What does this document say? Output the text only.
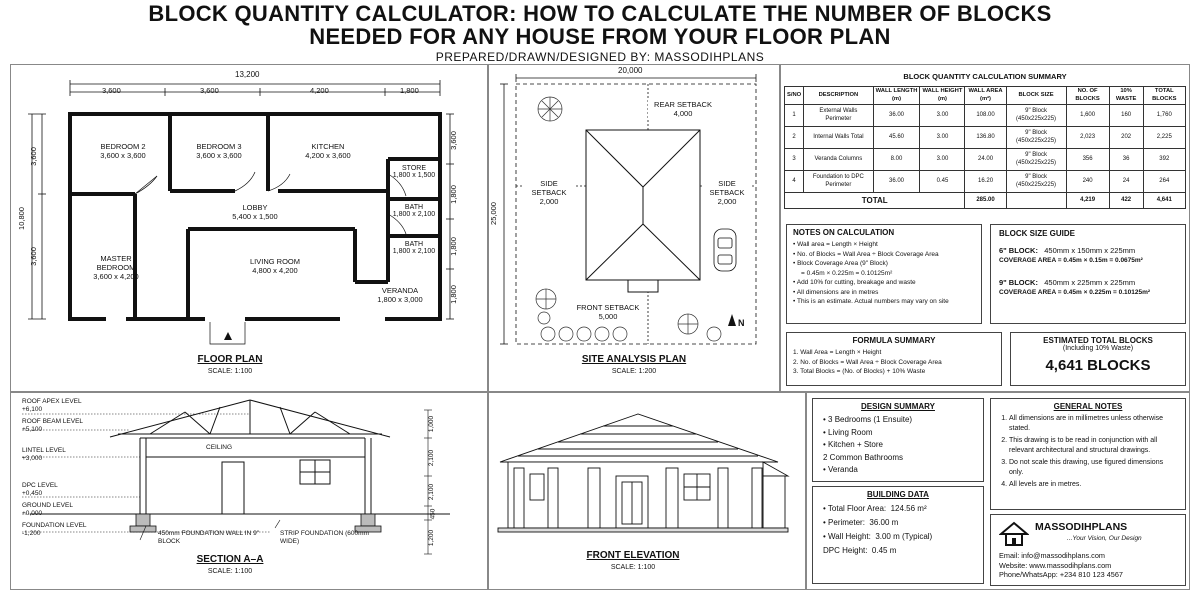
BLOCK QUANTITY CALCULATOR: HOW TO CALCULATE THE NUMBER OF BLOCKS
NEEDED FOR ANY HOUSE FROM YOUR FLOOR PLAN
PREPARED/DRAWN/DESIGNED BY: MASSODIHPLANS
13,200
3,600	3,600	4,200	1,800
10,800
3,600
3,600
3,600
1,800
1,800
1,800
BEDROOM 2
3,600 x 3,600
BEDROOM 3
3,600 x 3,600
KITCHEN
4,200 x 3,600
STORE
1,800 x 1,500
LOBBY
5,400 x 1,500
BATH
1,800 x 2,100
BATH
1,800 x 2,100
MASTER BEDROOM
3,600 x 4,200
LIVING ROOM
4,800 x 4,200
VERANDA
1,800 x 3,000
FLOOR PLAN
SCALE: 1:100
20,000
25,000
REAR SETBACK
4,000
SIDE SETBACK
2,000
SIDE SETBACK
2,000
FRONT SETBACK
5,000
N
SITE ANALYSIS PLAN
SCALE: 1:200
BLOCK QUANTITY CALCULATION SUMMARY
S/NO	DESCRIPTION	WALL LENGTH (m)	WALL HEIGHT (m)	WALL AREA (m²)	BLOCK SIZE	NO. OF BLOCKS	10% WASTE	TOTAL BLOCKS
1	External Walls Perimeter	36.00	3.00	108.00	9" Block (450x225x225)	1,600	160	1,760
2	Internal Walls Total	45.60	3.00	136.80	9" Block (450x225x225)	2,023	202	2,225
3	Veranda Columns	8.00	3.00	24.00	9" Block (450x225x225)	356	36	392
4	Foundation to DPC Perimeter	36.00	0.45	16.20	9" Block (450x225x225)	240	24	264
TOTAL				285.00		4,219	422	4,641
NOTES ON CALCULATION
• Wall area = Length × Height
• No. of Blocks = Wall Area ÷ Block Coverage Area
• Block Coverage Area (9" Block)
= 0.45m × 0.225m = 0.10125m²
• Add 10% for cutting, breakage and waste
• All dimensions are in metres
• This is an estimate. Actual numbers may vary on site
BLOCK SIZE GUIDE
6" BLOCK: 450mm x 150mm x 225mm
COVERAGE AREA = 0.45m × 0.15m = 0.0675m²
9" BLOCK: 450mm x 225mm x 225mm
COVERAGE AREA = 0.45m × 0.225m = 0.10125m²
FORMULA SUMMARY
1. Wall Area = Length × Height
2. No. of Blocks = Wall Area ÷ Block Coverage Area
3. Total Blocks = (No. of Blocks) + 10% Waste
ESTIMATED TOTAL BLOCKS
(Including 10% Waste)
4,641 BLOCKS
ROOF APEX LEVEL
+6,100
ROOF BEAM LEVEL
+5,100
LINTEL LEVEL
+3,000
DPC LEVEL
+0,450
GROUND LEVEL
+0,000
FOUNDATION LEVEL
-1,200
CEILING
450mm FOUNDATION WALL IN 9" BLOCK
STRIP FOUNDATION (600mm WIDE)
1,000
2,100
2,100
450
1,200
SECTION A–A
SCALE: 1:100
FRONT ELEVATION
SCALE: 1:100
DESIGN SUMMARY
• 3 Bedrooms (1 Ensuite)
• Living Room
• Kitchen + Store
2 Common Bathrooms
• Veranda
BUILDING DATA
• Total Floor Area: 124.56 m²
• Perimeter: 36.00 m
• Wall Height: 3.00 m (Typical)
DPC Height: 0.45 m
GENERAL NOTES
1. All dimensions are in millimetres unless otherwise stated.
2. This drawing is to be read in conjunction with all relevant architectural and structural drawings.
3. Do not scale this drawing, use figured dimensions only.
4. All levels are in metres.
MASSODIHPLANS
...Your Vision, Our Design
Email: info@massodihplans.com
Website: www.massodihplans.com
Phone/WhatsApp: +234 810 123 4567
